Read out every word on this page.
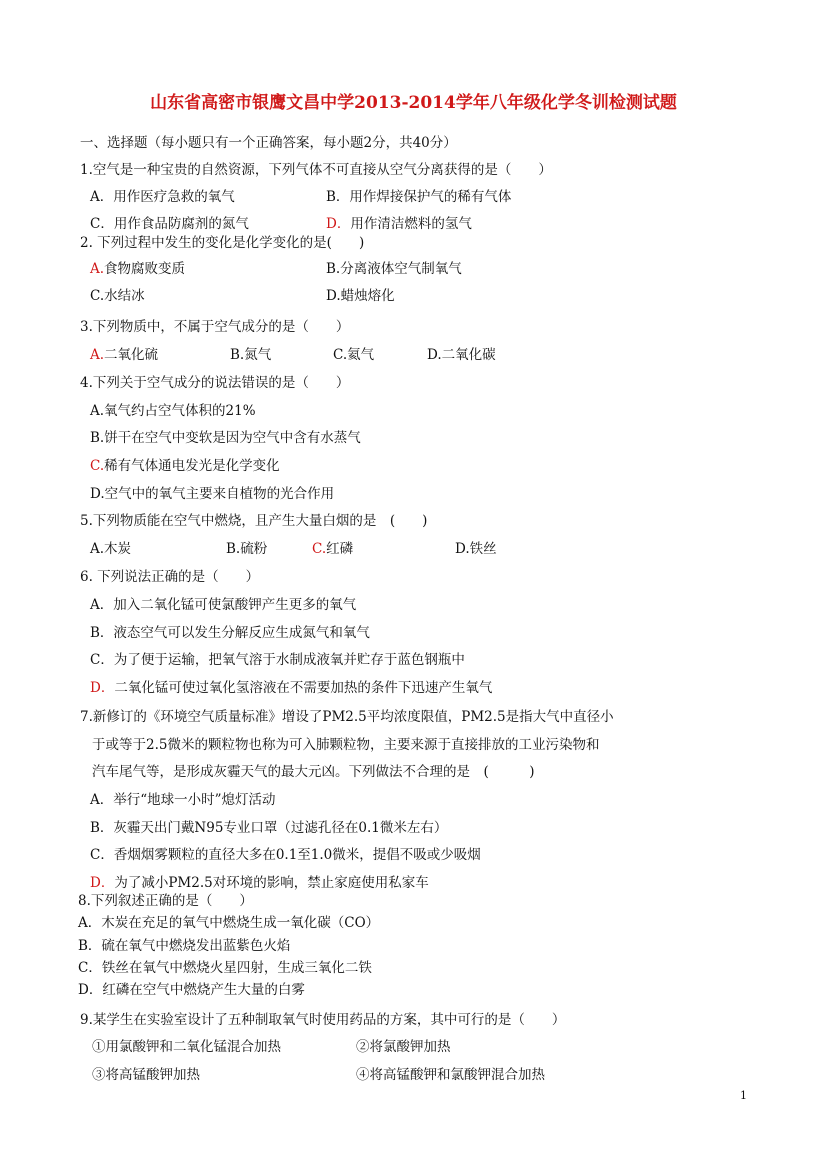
山东省高密市银鹰文昌中学2013-2014学年八年级化学冬训检测试题
一、选择题（每小题只有一个正确答案，每小题2分，共40分）
1.空气是一种宝贵的自然资源，下列气体不可直接从空气分离获得的是（　　）
A．用作医疗急救的氧气	B．用作焊接保护气的稀有气体
C．用作食品防腐剂的氮气	D．用作清洁燃料的氢气
2. 下列过程中发生的变化是化学变化的是(　　)
A.食物腐败变质	B.分离液体空气制氧气
C.水结冰	D.蜡烛熔化
3.下列物质中，不属于空气成分的是（　　）
A.二氧化硫	B.氮气	C.氦气	D.二氧化碳
4.下列关于空气成分的说法错误的是（　　）
A.氧气约占空气体积的21%
B.饼干在空气中变软是因为空气中含有水蒸气
C.稀有气体通电发光是化学变化
D.空气中的氧气主要来自植物的光合作用
5.下列物质能在空气中燃烧，且产生大量白烟的是　(　　)
A.木炭	B.硫粉	C.红磷	D.铁丝
6. 下列说法正确的是（　　）
A．加入二氧化锰可使氯酸钾产生更多的氧气
B．液态空气可以发生分解反应生成氮气和氧气
C．为了便于运输，把氧气溶于水制成液氧并贮存于蓝色钢瓶中
D．二氧化锰可使过氧化氢溶液在不需要加热的条件下迅速产生氧气
7.新修订的《环境空气质量标准》增设了PM2.5平均浓度限值，PM2.5是指大气中直径小
于或等于2.5微米的颗粒物也称为可入肺颗粒物，主要来源于直接排放的工业污染物和
汽车尾气等，是形成灰霾天气的最大元凶。下列做法不合理的是　(　　　)
A．举行“地球一小时”熄灯活动
B．灰霾天出门戴N95专业口罩（过滤孔径在0.1微米左右）
C．香烟烟雾颗粒的直径大多在0.1至1.0微米，提倡不吸或少吸烟
D．为了减小PM2.5对环境的影响，禁止家庭使用私家车
8.下列叙述正确的是（　　）
A．木炭在充足的氧气中燃烧生成一氧化碳（CO）
B．硫在氧气中燃烧发出蓝紫色火焰
C．铁丝在氧气中燃烧火星四射，生成三氧化二铁
D．红磷在空气中燃烧产生大量的白雾
9.某学生在实验室设计了五种制取氧气时使用药品的方案，其中可行的是（　　）
①用氯酸钾和二氧化锰混合加热	②将氯酸钾加热
③将高锰酸钾加热	④将高锰酸钾和氯酸钾混合加热
1
